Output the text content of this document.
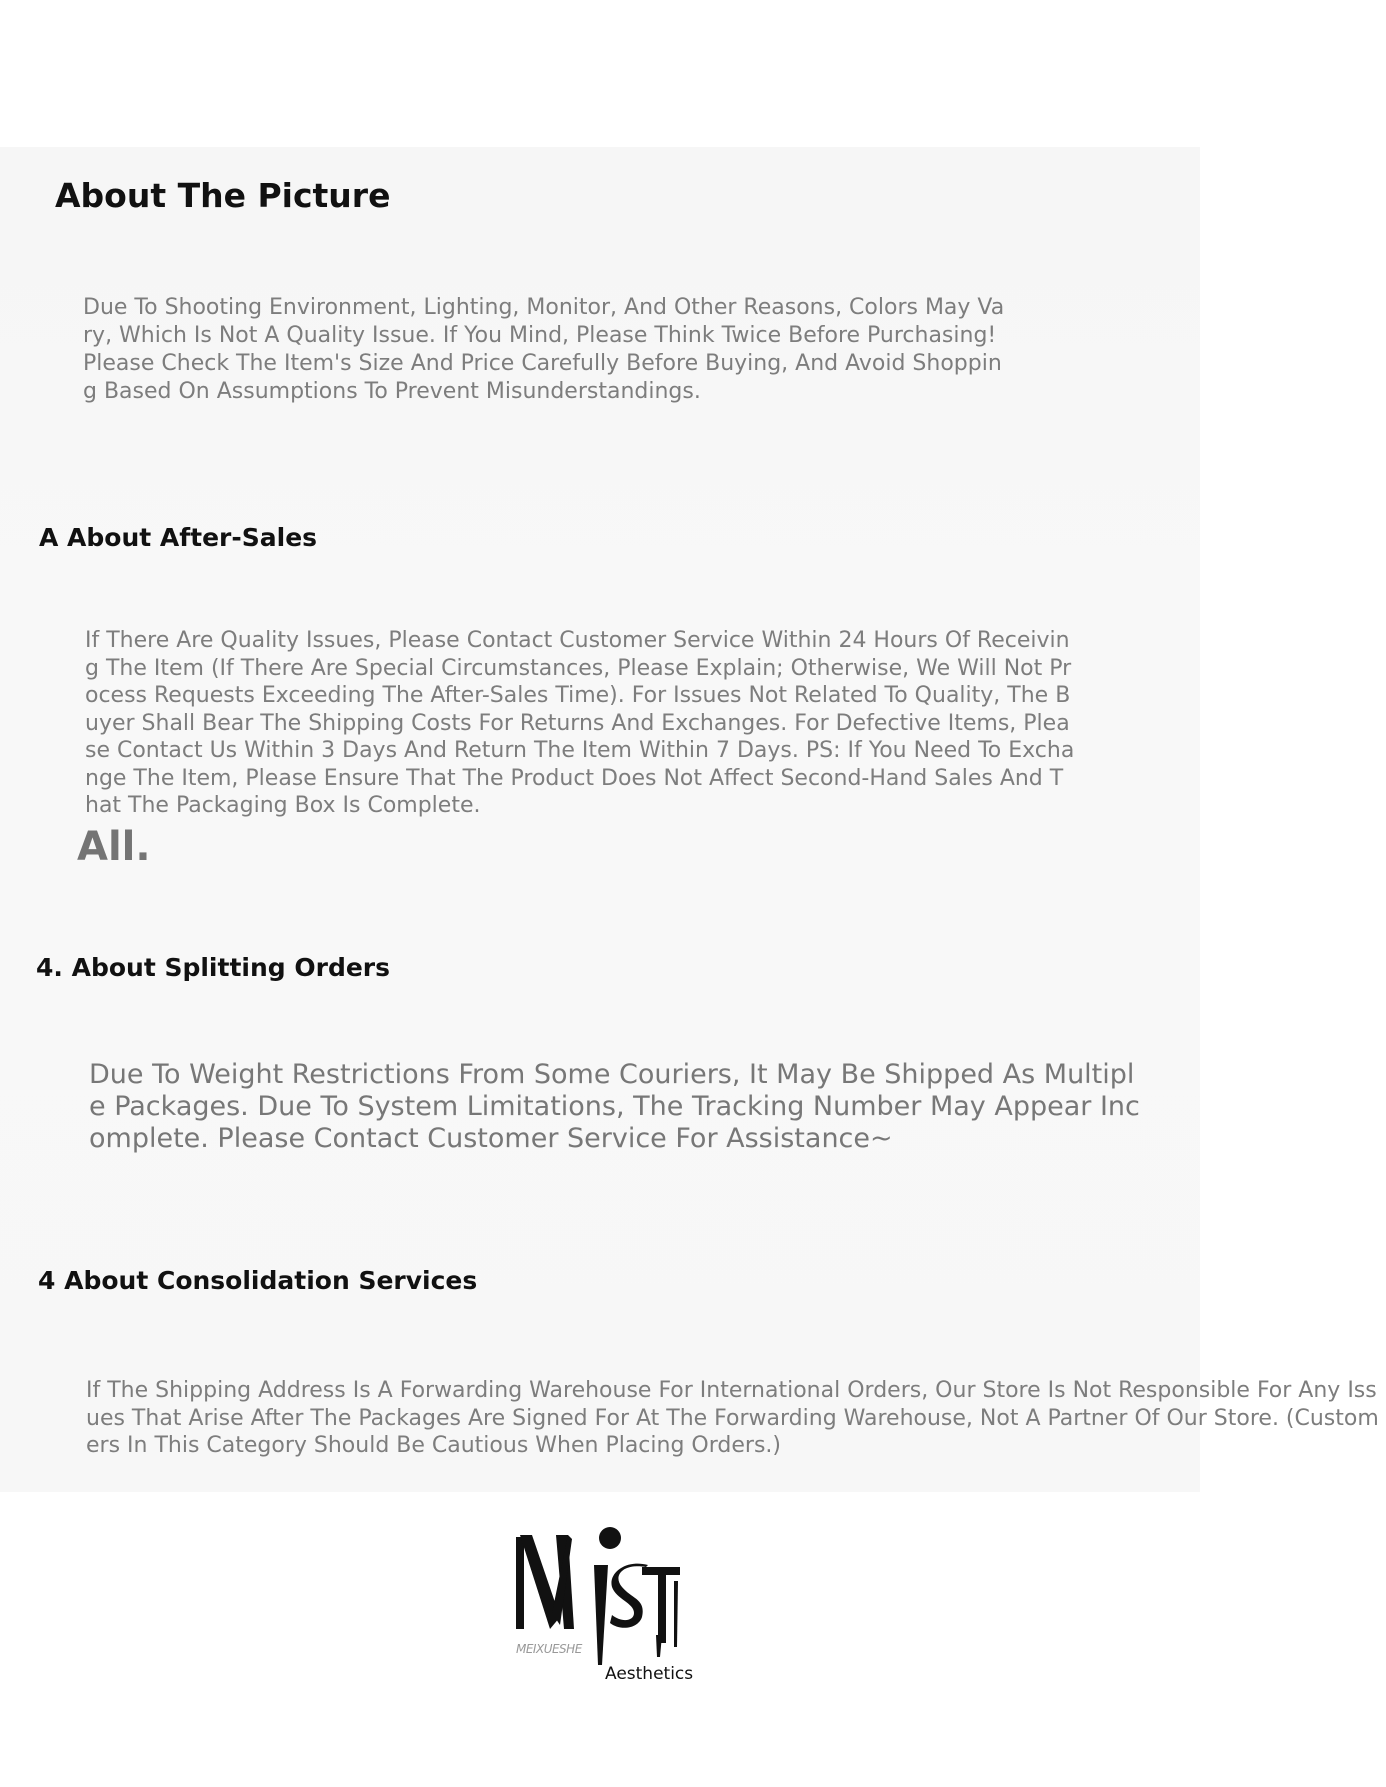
About The Picture

Due To Shooting Environment, Lighting, Monitor, And Other Reasons, Colors May Vary, Which Is Not A Quality Issue. If You Mind, Please Think Twice Before Purchasing! Please Check The Item's Size And Price Carefully Before Buying, And Avoid Shopping Based On Assumptions To Prevent Misunderstandings.

A About After-Sales

If There Are Quality Issues, Please Contact Customer Service Within 24 Hours Of Receiving The Item (If There Are Special Circumstances, Please Explain; Otherwise, We Will Not Process Requests Exceeding The After-Sales Time). For Issues Not Related To Quality, The Buyer Shall Bear The Shipping Costs For Returns And Exchanges. For Defective Items, Please Contact Us Within 3 Days And Return The Item Within 7 Days. PS: If You Need To Exchange The Item, Please Ensure That The Product Does Not Affect Second-Hand Sales And That The Packaging Box Is Complete.

All.

4. About Splitting Orders

Due To Weight Restrictions From Some Couriers, It May Be Shipped As Multiple Packages. Due To System Limitations, The Tracking Number May Appear Incomplete. Please Contact Customer Service For Assistance~

4 About Consolidation Services

If The Shipping Address Is A Forwarding Warehouse For International Orders, Our Store Is Not Responsible For Any Issues That Arise After The Packages Are Signed For At The Forwarding Warehouse, Not A Partner Of Our Store. (Customers In This Category Should Be Cautious When Placing Orders.)

MEIXUESHE
Aesthetics
